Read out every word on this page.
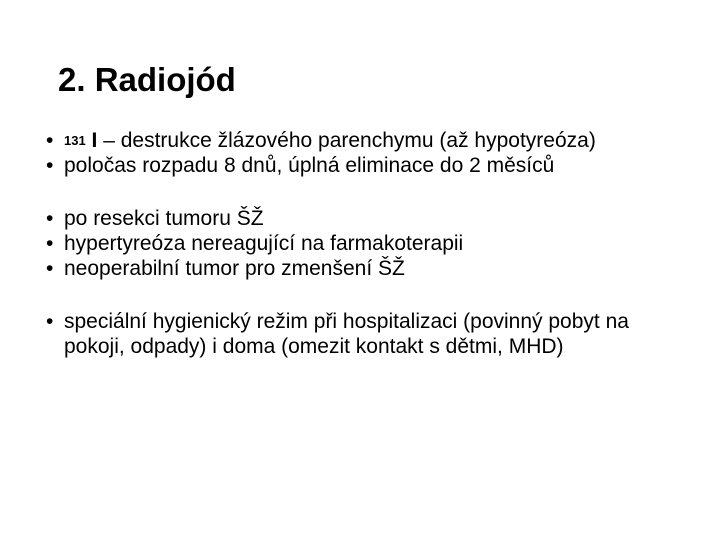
2. Radiojód
• $^{131}$ I – destrukce žlázového parenchymu (až hypotyreóza)
• poločas rozpadu 8 dnů, úplná eliminace do 2 měsíců
• po resekci tumoru ŠŽ
• hypertyreóza nereagující na farmakoterapii
• neoperabilní tumor pro zmenšení ŠŽ
• speciální hygienický režim při hospitalizaci (povinný pobyt na pokoji, odpady) i doma (omezit kontakt s dětmi, MHD)
